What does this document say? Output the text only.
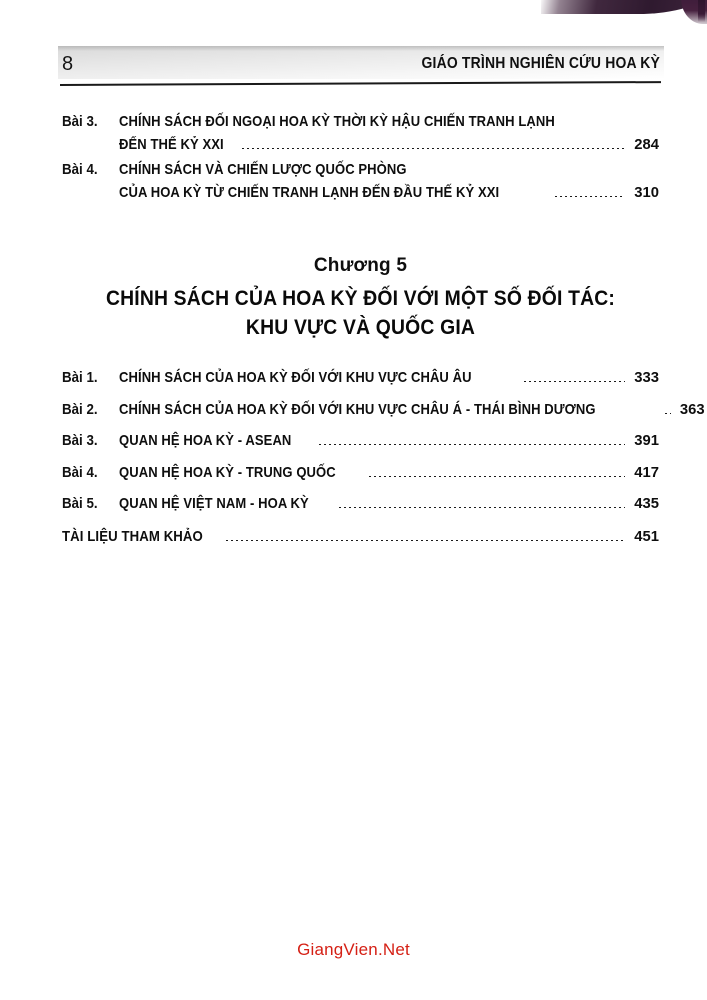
8	GIÁO TRÌNH NGHIÊN CỨU HOA KỲ
Bài 3.	CHÍNH SÁCH ĐỐI NGOẠI HOA KỲ THỜI KỲ HẬU CHIẾN TRANH LẠNH
ĐẾN THẾ KỶ XXI	284
Bài 4.	CHÍNH SÁCH VÀ CHIẾN LƯỢC QUỐC PHÒNG
CỦA HOA KỲ TỪ CHIẾN TRANH LẠNH ĐẾN ĐẦU THẾ KỶ XXI	310
Chương 5
CHÍNH SÁCH CỦA HOA KỲ ĐỐI VỚI MỘT SỐ ĐỐI TÁC:
KHU VỰC VÀ QUỐC GIA
Bài 1.	CHÍNH SÁCH CỦA HOA KỲ ĐỐI VỚI KHU VỰC CHÂU ÂU	333
Bài 2.	CHÍNH SÁCH CỦA HOA KỲ ĐỐI VỚI KHU VỰC CHÂU Á - THÁI BÌNH DƯƠNG	363
Bài 3.	QUAN HỆ HOA KỲ - ASEAN	391
Bài 4.	QUAN HỆ HOA KỲ - TRUNG QUỐC	417
Bài 5.	QUAN HỆ VIỆT NAM - HOA KỲ	435
TÀI LIỆU THAM KHẢO	451
GiangVien.Net
